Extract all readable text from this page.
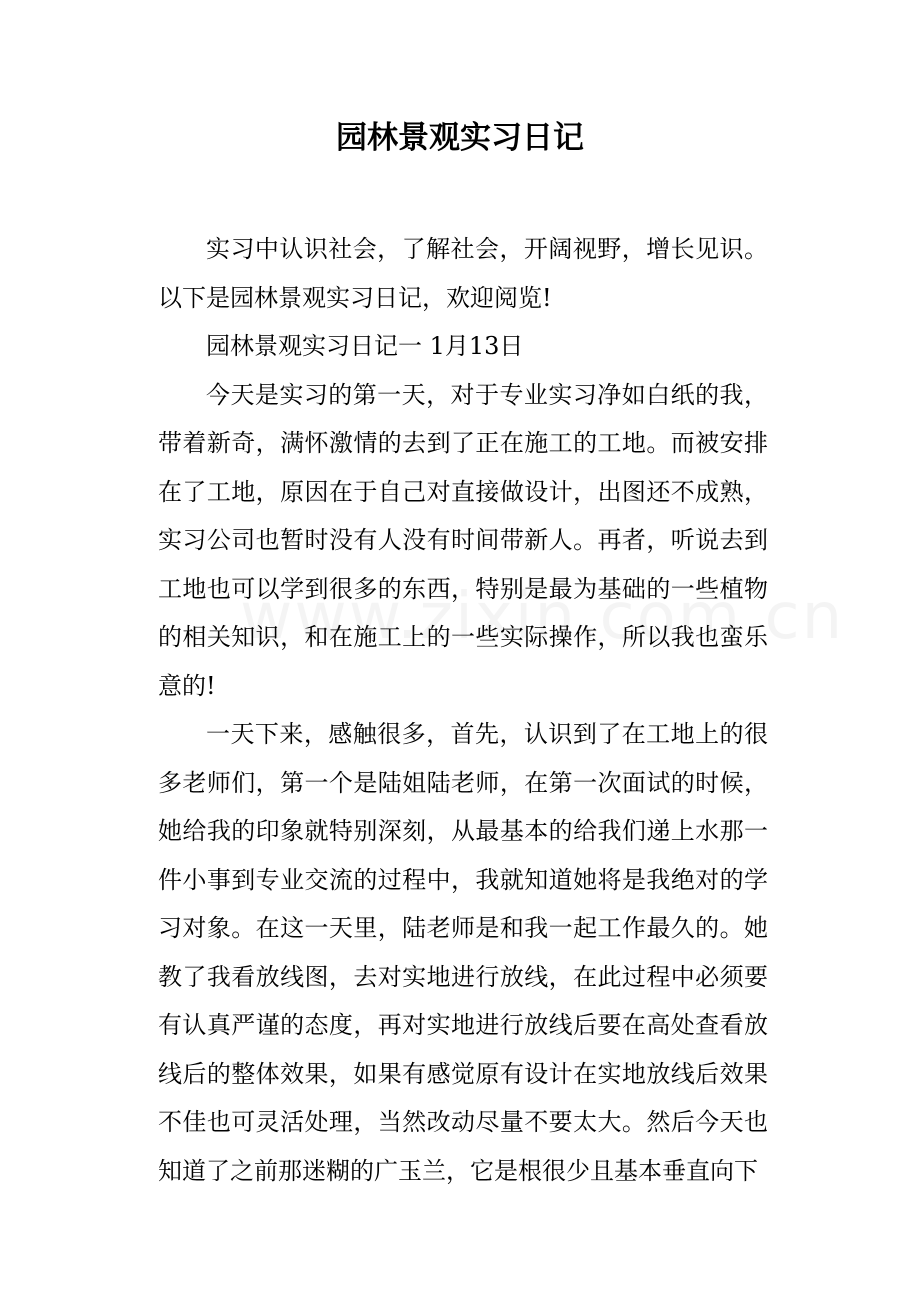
园林景观实习日记

实习中认识社会，了解社会，开阔视野，增长见识。以下是园林景观实习日记，欢迎阅览!

园林景观实习日记一 1月13日

今天是实习的第一天，对于专业实习净如白纸的我，带着新奇，满怀激情的去到了正在施工的工地。而被安排在了工地，原因在于自己对直接做设计，出图还不成熟，实习公司也暂时没有人没有时间带新人。再者，听说去到工地也可以学到很多的东西，特别是最为基础的一些植物的相关知识，和在施工上的一些实际操作，所以我也蛮乐意的!

一天下来，感触很多，首先，认识到了在工地上的很多老师们，第一个是陆姐陆老师，在第一次面试的时候，她给我的印象就特别深刻，从最基本的给我们递上水那一件小事到专业交流的过程中，我就知道她将是我绝对的学习对象。在这一天里，陆老师是和我一起工作最久的。她教了我看放线图，去对实地进行放线，在此过程中必须要有认真严谨的态度，再对实地进行放线后要在高处查看放线后的整体效果，如果有感觉原有设计在实地放线后效果不佳也可灵活处理，当然改动尽量不要太大。然后今天也知道了之前那迷糊的广玉兰，它是根很少且基本垂直向下
